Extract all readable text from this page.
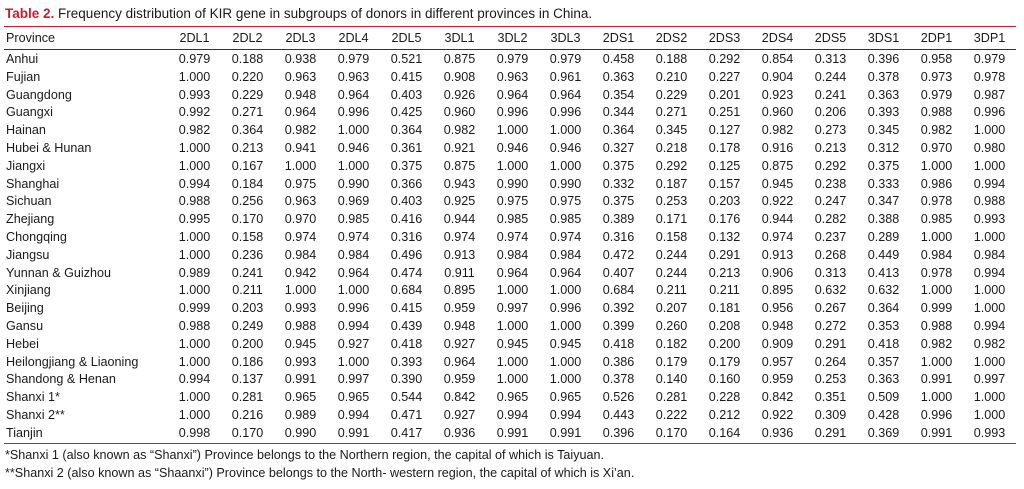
Table 2. Frequency distribution of KIR gene in subgroups of donors in different provinces in China.
Province	2DL1	2DL2	2DL3	2DL4	2DL5	3DL1	3DL2	3DL3	2DS1	2DS2	2DS3	2DS4	2DS5	3DS1	2DP1	3DP1

Anhui	0.979	0.188	0.938	0.979	0.521	0.875	0.979	0.979	0.458	0.188	0.292	0.854	0.313	0.396	0.958	0.979
Fujian	1.000	0.220	0.963	0.963	0.415	0.908	0.963	0.961	0.363	0.210	0.227	0.904	0.244	0.378	0.973	0.978
Guangdong	0.993	0.229	0.948	0.964	0.403	0.926	0.964	0.964	0.354	0.229	0.201	0.923	0.241	0.363	0.979	0.987
Guangxi	0.992	0.271	0.964	0.996	0.425	0.960	0.996	0.996	0.344	0.271	0.251	0.960	0.206	0.393	0.988	0.996
Hainan	0.982	0.364	0.982	1.000	0.364	0.982	1.000	1.000	0.364	0.345	0.127	0.982	0.273	0.345	0.982	1.000
Hubei & Hunan	1.000	0.213	0.941	0.946	0.361	0.921	0.946	0.946	0.327	0.218	0.178	0.916	0.213	0.312	0.970	0.980
Jiangxi	1.000	0.167	1.000	1.000	0.375	0.875	1.000	1.000	0.375	0.292	0.125	0.875	0.292	0.375	1.000	1.000
Shanghai	0.994	0.184	0.975	0.990	0.366	0.943	0.990	0.990	0.332	0.187	0.157	0.945	0.238	0.333	0.986	0.994
Sichuan	0.988	0.256	0.963	0.969	0.403	0.925	0.975	0.975	0.375	0.253	0.203	0.922	0.247	0.347	0.978	0.988
Zhejiang	0.995	0.170	0.970	0.985	0.416	0.944	0.985	0.985	0.389	0.171	0.176	0.944	0.282	0.388	0.985	0.993
Chongqing	1.000	0.158	0.974	0.974	0.316	0.974	0.974	0.974	0.316	0.158	0.132	0.974	0.237	0.289	1.000	1.000
Jiangsu	1.000	0.236	0.984	0.984	0.496	0.913	0.984	0.984	0.472	0.244	0.291	0.913	0.268	0.449	0.984	0.984
Yunnan & Guizhou	0.989	0.241	0.942	0.964	0.474	0.911	0.964	0.964	0.407	0.244	0.213	0.906	0.313	0.413	0.978	0.994
Xinjiang	1.000	0.211	1.000	1.000	0.684	0.895	1.000	1.000	0.684	0.211	0.211	0.895	0.632	0.632	1.000	1.000
Beijing	0.999	0.203	0.993	0.996	0.415	0.959	0.997	0.996	0.392	0.207	0.181	0.956	0.267	0.364	0.999	1.000
Gansu	0.988	0.249	0.988	0.994	0.439	0.948	1.000	1.000	0.399	0.260	0.208	0.948	0.272	0.353	0.988	0.994
Hebei	1.000	0.200	0.945	0.927	0.418	0.927	0.945	0.945	0.418	0.182	0.200	0.909	0.291	0.418	0.982	0.982
Heilongjiang & Liaoning	1.000	0.186	0.993	1.000	0.393	0.964	1.000	1.000	0.386	0.179	0.179	0.957	0.264	0.357	1.000	1.000
Shandong & Henan	0.994	0.137	0.991	0.997	0.390	0.959	1.000	1.000	0.378	0.140	0.160	0.959	0.253	0.363	0.991	0.997
Shanxi 1*	1.000	0.281	0.965	0.965	0.544	0.842	0.965	0.965	0.526	0.281	0.228	0.842	0.351	0.509	1.000	1.000
Shanxi 2**	1.000	0.216	0.989	0.994	0.471	0.927	0.994	0.994	0.443	0.222	0.212	0.922	0.309	0.428	0.996	1.000
Tianjin	0.998	0.170	0.990	0.991	0.417	0.936	0.991	0.991	0.396	0.170	0.164	0.936	0.291	0.369	0.991	0.993
*Shanxi 1 (also known as “Shanxi”) Province belongs to the Northern region, the capital of which is Taiyuan.
**Shanxi 2 (also known as “Shaanxi”) Province belongs to the North- western region, the capital of which is Xi’an.
